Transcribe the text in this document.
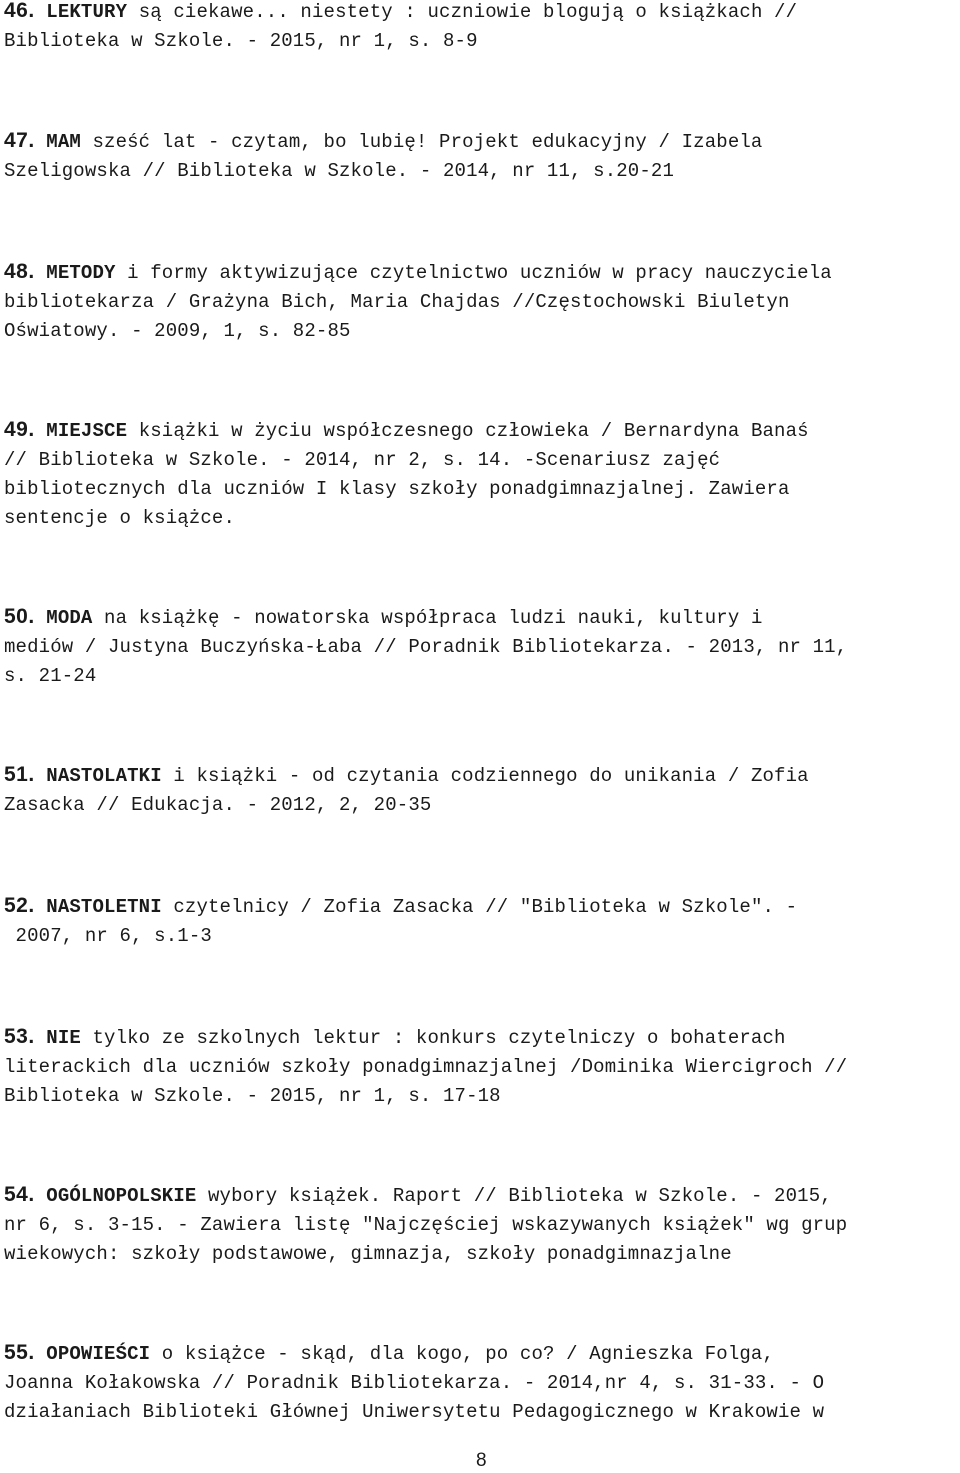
46. LEKTURY są ciekawe... niestety : uczniowie blogują o książkach //
Biblioteka w Szkole. - 2015, nr 1, s. 8-9
47. MAM sześć lat - czytam, bo lubię! Projekt edukacyjny / Izabela
Szeligowska // Biblioteka w Szkole. - 2014, nr 11, s.20-21
48. METODY i formy aktywizujące czytelnictwo uczniów w pracy nauczyciela
bibliotekarza / Grażyna Bich, Maria Chajdas //Częstochowski Biuletyn
Oświatowy. - 2009, 1, s. 82-85
49. MIEJSCE książki w życiu współczesnego człowieka / Bernardyna Banaś
// Biblioteka w Szkole. - 2014, nr 2, s. 14. -Scenariusz zajęć
bibliotecznych dla uczniów I klasy szkoły ponadgimnazjalnej. Zawiera
sentencje o książce.
50. MODA na książkę - nowatorska współpraca ludzi nauki, kultury i
mediów / Justyna Buczyńska-Łaba // Poradnik Bibliotekarza. - 2013, nr 11,
s. 21-24
51. NASTOLATKI i książki - od czytania codziennego do unikania / Zofia
Zasacka // Edukacja. - 2012, 2, 20-35
52. NASTOLETNI czytelnicy / Zofia Zasacka // "Biblioteka w Szkole". -
2007, nr 6, s.1-3
53. NIE tylko ze szkolnych lektur : konkurs czytelniczy o bohaterach
literackich dla uczniów szkoły ponadgimnazjalnej /Dominika Wiercigroch //
Biblioteka w Szkole. - 2015, nr 1, s. 17-18
54. OGÓLNOPOLSKIE wybory książek. Raport // Biblioteka w Szkole. - 2015,
nr 6, s. 3-15. - Zawiera listę "Najczęściej wskazywanych książek" wg grup
wiekowych: szkoły podstawowe, gimnazja, szkoły ponadgimnazjalne
55. OPOWIEŚCI o książce - skąd, dla kogo, po co? / Agnieszka Folga,
Joanna Kołakowska // Poradnik Bibliotekarza. - 2014,nr 4, s. 31-33. - O
działaniach Biblioteki Głównej Uniwersytetu Pedagogicznego w Krakowie w
8
